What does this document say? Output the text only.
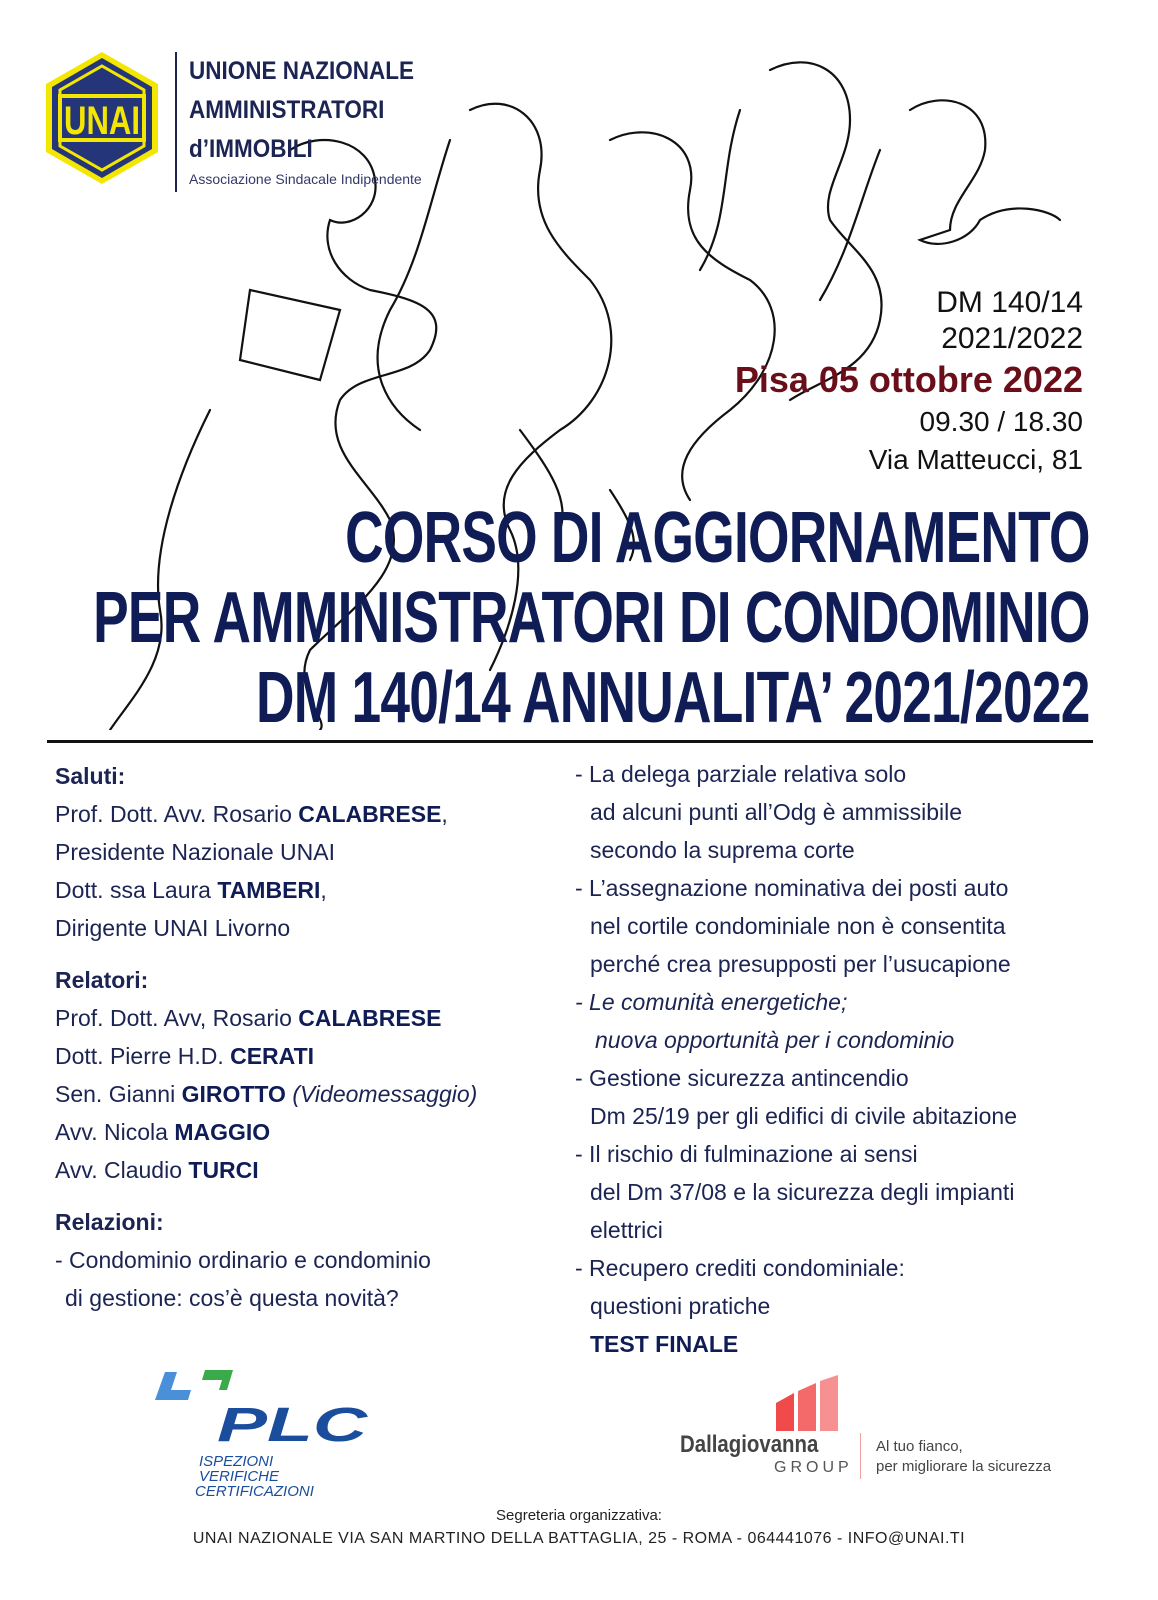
UNAI
UNIONE NAZIONALE
AMMINISTRATORI
d’IMMOBILI
Associazione Sindacale Indipendente
DM 140/14
2021/2022
Pisa 05 ottobre 2022
09.30 / 18.30
Via Matteucci, 81
CORSO DI AGGIORNAMENTO
PER AMMINISTRATORI DI CONDOMINIO
DM 140/14 ANNUALITA’ 2021/2022
Saluti:
Prof. Dott. Avv. Rosario CALABRESE,
Presidente Nazionale UNAI
Dott. ssa Laura TAMBERI,
Dirigente UNAI Livorno
Relatori:
Prof. Dott. Avv, Rosario CALABRESE
Dott. Pierre H.D. CERATI
Sen. Gianni GIROTTO (Videomessaggio)
Avv. Nicola MAGGIO
Avv. Claudio TURCI
Relazioni:
- Condominio ordinario e condominio
di gestione: cos’è questa novità?
- La delega parziale relativa solo
ad alcuni punti all’Odg è ammissibile
secondo la suprema corte
- L’assegnazione nominativa dei posti auto
nel cortile condominiale non è consentita
perché crea presupposti per l’usucapione
- Le comunità energetiche;
nuova opportunità per i condominio
- Gestione sicurezza antincendio
Dm 25/19 per gli edifici di civile abitazione
- Il rischio di fulminazione ai sensi
del Dm 37/08 e la sicurezza degli impianti
elettrici
- Recupero crediti condominiale:
questioni pratiche
TEST FINALE
PLC
ISPEZIONI
VERIFICHE
CERTIFICAZIONI
Dallagiovanna
GROUP
Al tuo fianco,
per migliorare la sicurezza
Segreteria organizzativa:
UNAI NAZIONALE VIA SAN MARTINO DELLA BATTAGLIA, 25 - ROMA - 064441076 - INFO@UNAI.TI
